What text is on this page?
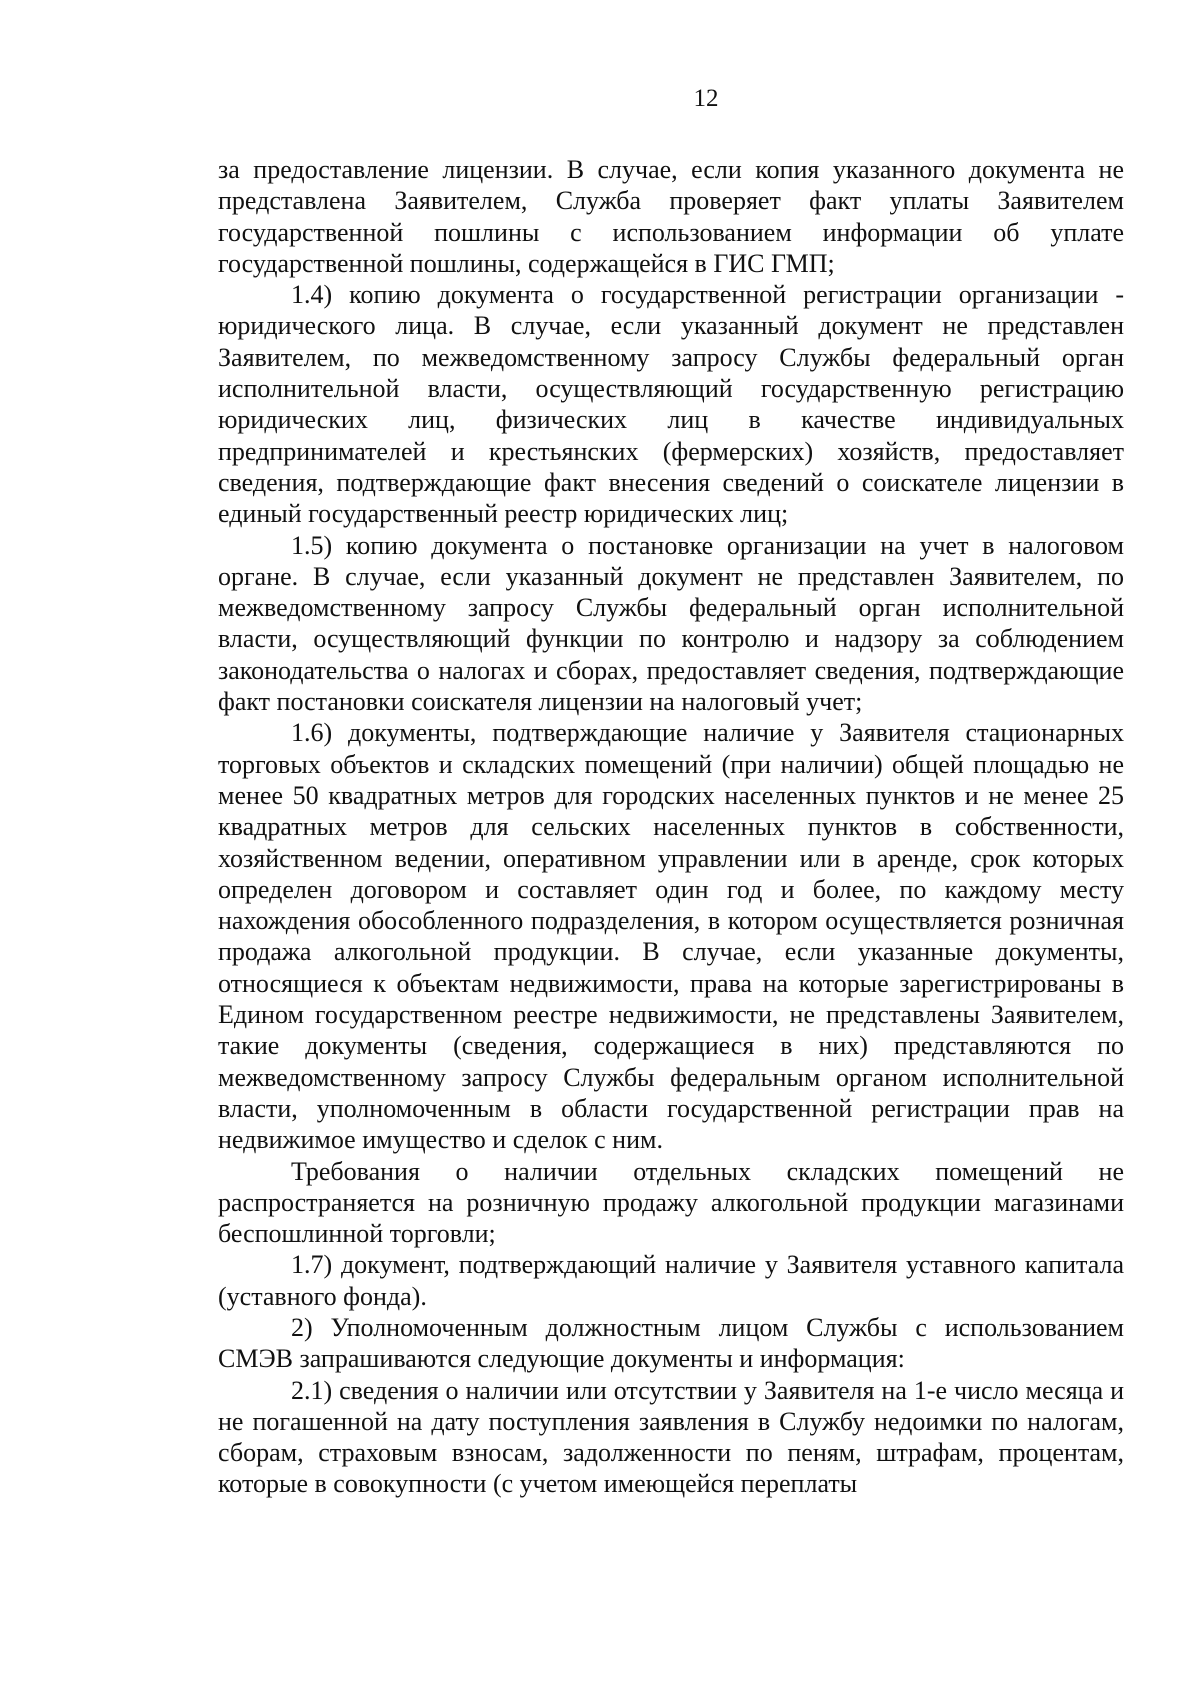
12

за предоставление лицензии. В случае, если копия указанного документа не представлена Заявителем, Служба проверяет факт уплаты Заявителем государственной пошлины с использованием информации об уплате государственной пошлины, содержащейся в ГИС ГМП;

1.4) копию документа о государственной регистрации организации - юридического лица. В случае, если указанный документ не представлен Заявителем, по межведомственному запросу Службы федеральный орган исполнительной власти, осуществляющий государственную регистрацию юридических лиц, физических лиц в качестве индивидуальных предпринимателей и крестьянских (фермерских) хозяйств, предоставляет сведения, подтверждающие факт внесения сведений о соискателе лицензии в единый государственный реестр юридических лиц;

1.5) копию документа о постановке организации на учет в налоговом органе. В случае, если указанный документ не представлен Заявителем, по межведомственному запросу Службы федеральный орган исполнительной власти, осуществляющий функции по контролю и надзору за соблюдением законодательства о налогах и сборах, предоставляет сведения, подтверждающие факт постановки соискателя лицензии на налоговый учет;

1.6) документы, подтверждающие наличие у Заявителя стационарных торговых объектов и складских помещений (при наличии) общей площадью не менее 50 квадратных метров для городских населенных пунктов и не менее 25 квадратных метров для сельских населенных пунктов в собственности, хозяйственном ведении, оперативном управлении или в аренде, срок которых определен договором и составляет один год и более, по каждому месту нахождения обособленного подразделения, в котором осуществляется розничная продажа алкогольной продукции. В случае, если указанные документы, относящиеся к объектам недвижимости, права на которые зарегистрированы в Едином государственном реестре недвижимости, не представлены Заявителем, такие документы (сведения, содержащиеся в них) представляются по межведомственному запросу Службы федеральным органом исполнительной власти, уполномоченным в области государственной регистрации прав на недвижимое имущество и сделок с ним.

Требования о наличии отдельных складских помещений не распространяется на розничную продажу алкогольной продукции магазинами беспошлинной торговли;

1.7) документ, подтверждающий наличие у Заявителя уставного капитала (уставного фонда).

2) Уполномоченным должностным лицом Службы с использованием СМЭВ запрашиваются следующие документы и информация:

2.1) сведения о наличии или отсутствии у Заявителя на 1-е число месяца и не погашенной на дату поступления заявления в Службу недоимки по налогам, сборам, страховым взносам, задолженности по пеням, штрафам, процентам, которые в совокупности (с учетом имеющейся переплаты
